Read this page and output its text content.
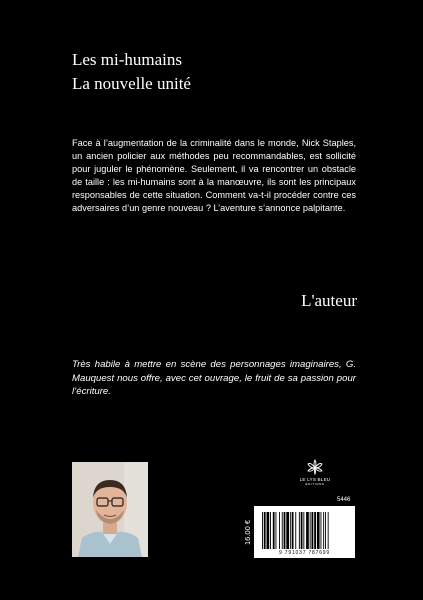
Les mi-humains
La nouvelle unité

Face à l’augmentation de la criminalité dans le monde, Nick Staples, un ancien policier aux méthodes peu recommandables, est sollicité pour juguler le phénomène. Seulement, il va rencontrer un obstacle de taille : les mi-humains sont à la manœuvre, ils sont les principaux responsables de cette situation. Comment va-t-il procéder contre ces adversaires d’un genre nouveau ? L’aventure s’annonce palpitante.

L'auteur

Très habile à mettre en scène des personnages imaginaires, G. Mauquest nous offre, avec cet ouvrage, le fruit de sa passion pour l’écriture.

LE LYS BLEU
ÉDITIONS
5446
16.00 €
9 791037 787699
